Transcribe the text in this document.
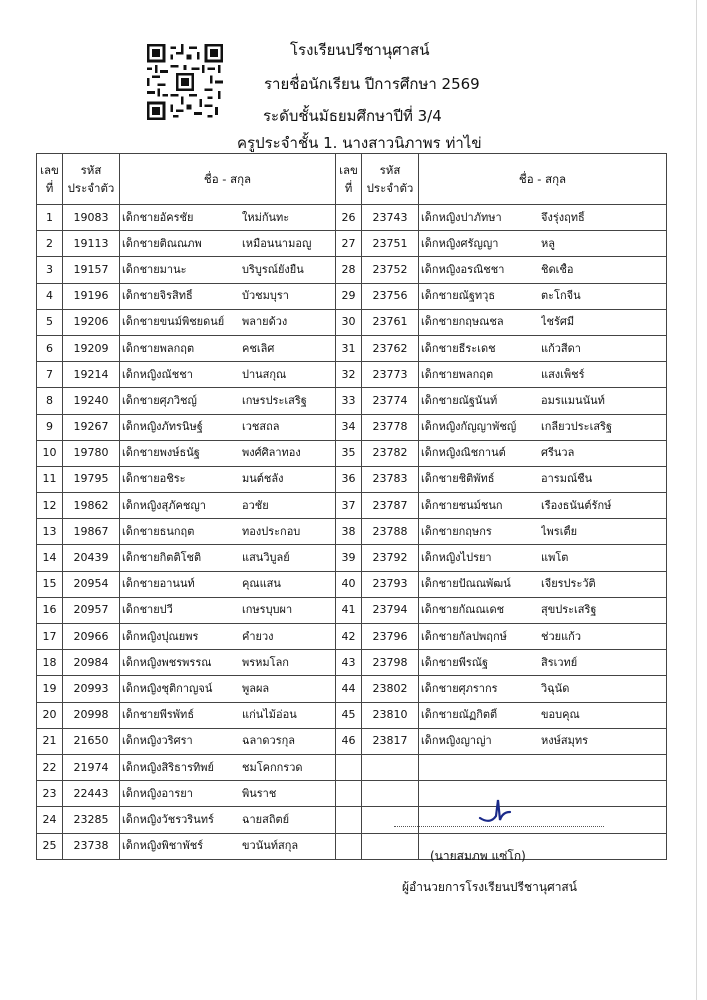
โรงเรียนปรีชานุศาสน์
รายชื่อนักเรียน ปีการศึกษา 2569
ระดับชั้นมัธยมศึกษาปีที่ 3/4
ครูประจำชั้น 1. นางสาวนิภาพร ท่าไข่
เลข
ที่	รหัส
ประจำตัว	ชื่อ - สกุล	เลข
ที่	รหัส
ประจำตัว	ชื่อ - สกุล
1	19083	เด็กชายอัครชัย ใหม่กันทะ	26	23743	เด็กหญิงปาภัทษา จึงรุ่งฤทธิ์

2	19113	เด็กชายติณณภพ เหมือนนามอญู	27	23751	เด็กหญิงศรัญญา หลู

3	19157	เด็กชายมานะ บริบูรณ์ยั่งยืน	28	23752	เด็กหญิงอรณิชชา ชิดเชื้อ

4	19196	เด็กชายจิรสิทธิ์ บัวชมบุรา	29	23756	เด็กชายณัฐทวุธ ตะโกจีน

5	19206	เด็กชายขนม์พิชยดนย์ พลายด้วง	30	23761	เด็กชายกฤษณชล ไชรัศมี

6	19209	เด็กชายพลกฤต คชเลิศ	31	23762	เด็กชายธีระเดช แก้วสีดา

7	19214	เด็กหญิงณัชชา ปานสกุณ	32	23773	เด็กชายพลกฤต แสงเพ็ชร์

8	19240	เด็กชายศุภวิชญ์ เกษรประเสริฐ	33	23774	เด็กชายณัฐนันท์ อมรแมนนันท์

9	19267	เด็กหญิงภัทรนิษฐ์ เวชสถล	34	23778	เด็กหญิงกัญญาพัชญ์ เกลียวประเสริฐ

10	19780	เด็กชายพงษ์ธนัฐ พงศ์ศิลาทอง	35	23782	เด็กหญิงณิชกานต์ ศรีนวล

11	19795	เด็กชายอชิระ มนต์ชลัง	36	23783	เด็กชายชิติพัทธ์ อารมณ์ชื่น

12	19862	เด็กหญิงสุภัคชญา อวชัย	37	23787	เด็กชายชนม์ชนก เรืองธนันต์รักษ์

13	19867	เด็กชายธนกฤต ทองประกอบ	38	23788	เด็กชายกฤษกร ไพรเตี้ย

14	20439	เด็กชายกิตติโชติ แสนวิบูลย์	39	23792	เด็กหญิงไปรยา แพโต

15	20954	เด็กชายอานนท์ คุณแสน	40	23793	เด็กชายปัณณพัฒน์ เจียรประวัติ

16	20957	เด็กชายปวี เกษรบุบผา	41	23794	เด็กชายกัณณเดช สุขประเสริฐ

17	20966	เด็กหญิงปุณยพร คำยวง	42	23796	เด็กชายกัลปพฤกษ์ ช่วยแก้ว

18	20984	เด็กหญิงพชรพรรณ พรหมโลก	43	23798	เด็กชายพีรณัฐ สิรเวทย์

19	20993	เด็กหญิงชุติกาญจน์ พูลผล	44	23802	เด็กชายศุภรากร วิฉุนัด

20	20998	เด็กชายพีรพัทธ์ แก่นไม้อ่อน	45	23810	เด็กชายณัฏกิตติ์ ขอบคุณ

21	21650	เด็กหญิงวริศรา ฉลาดวรกุล	46	23817	เด็กหญิงญาญ่า หงษ์สมุทร

22	21974	เด็กหญิงสิริธารทิพย์ ชมโคกกรวด			

23	22443	เด็กหญิงอารยา พินราช			

24	23285	เด็กหญิงวัชรวรินทร์ ฉายสถิตย์			

25	23738	เด็กหญิงพิชาพัชร์ ขวนันท์สกุล			

(นายสมภพ แซ่โก)
ผู้อำนวยการโรงเรียนปรีชานุศาสน์
